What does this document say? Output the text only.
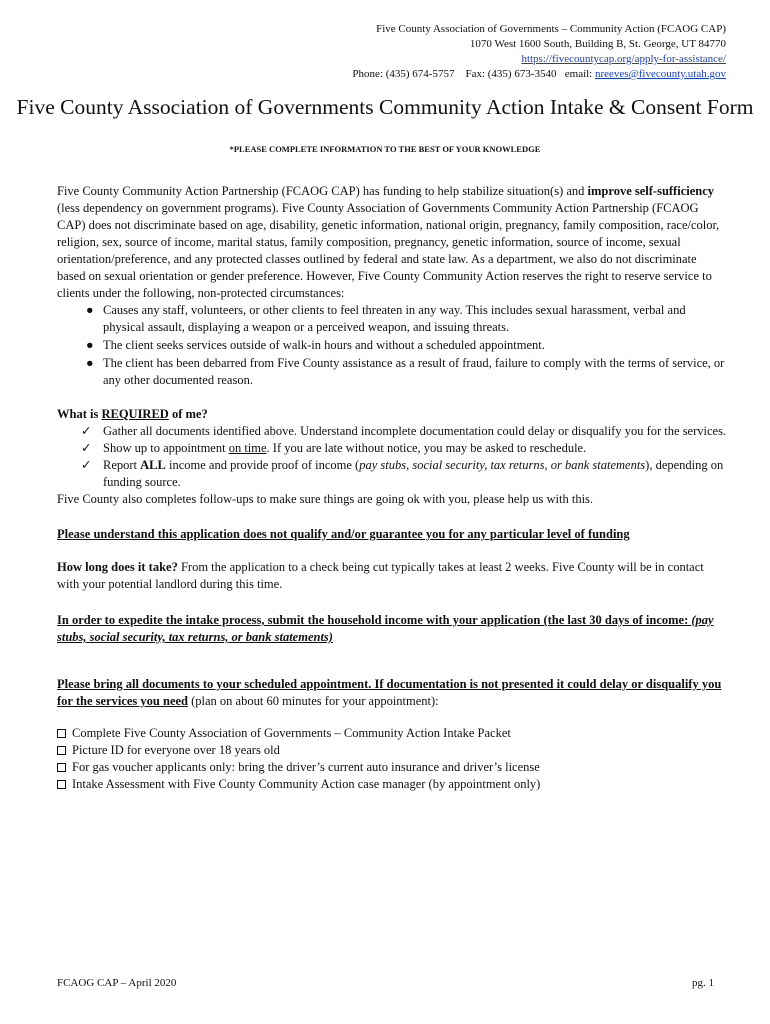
Five County Association of Governments – Community Action (FCAOG CAP)
1070 West 1600 South, Building B, St. George, UT 84770
https://fivecountycap.org/apply-for-assistance/
Phone: (435) 674-5757 Fax: (435) 673-3540 email: nreeves@fivecounty.utah.gov
Five County Association of Governments Community Action Intake & Consent Form
*PLEASE COMPLETE INFORMATION TO THE BEST OF YOUR KNOWLEDGE

Five County Community Action Partnership (FCAOG CAP) has funding to help stabilize situation(s) and improve self-sufficiency (less dependency on government programs). Five County Association of Governments Community Action Partnership (FCAOG CAP) does not discriminate based on age, disability, genetic information, national origin, pregnancy, family composition, race/color, religion, sex, source of income, marital status, family composition, pregnancy, genetic information, source of income, sexual orientation/preference, and any protected classes outlined by federal and state law. As a department, we also do not discriminate based on sexual orientation or gender preference. However, Five County Community Action reserves the right to reserve service to clients under the following, non-protected circumstances:

● Causes any staff, volunteers, or other clients to feel threaten in any way. This includes sexual harassment, verbal and physical assault, displaying a weapon or a perceived weapon, and issuing threats.
● The client seeks services outside of walk-in hours and without a scheduled appointment.
● The client has been debarred from Five County assistance as a result of fraud, failure to comply with the terms of service, or any other documented reason.

What is REQUIRED of me?

✓ Gather all documents identified above. Understand incomplete documentation could delay or disqualify you for the services.
✓ Show up to appointment on time. If you are late without notice, you may be asked to reschedule.
✓ Report ALL income and provide proof of income (pay stubs, social security, tax returns, or bank statements), depending on funding source.

Five County also completes follow-ups to make sure things are going ok with you, please help us with this.

Please understand this application does not qualify and/or guarantee you for any particular level of funding

How long does it take? From the application to a check being cut typically takes at least 2 weeks. Five County will be in contact with your potential landlord during this time.

In order to expedite the intake process, submit the household income with your application (the last 30 days of income: (pay stubs, social security, tax returns, or bank statements)

Please bring all documents to your scheduled appointment. If documentation is not presented it could delay or disqualify you for the services you need (plan on about 60 minutes for your appointment):

Complete Five County Association of Governments – Community Action Intake Packet
Picture ID for everyone over 18 years old
For gas voucher applicants only: bring the driver’s current auto insurance and driver’s license
Intake Assessment with Five County Community Action case manager (by appointment only)
FCAOG CAP – April 2020	pg. 1
